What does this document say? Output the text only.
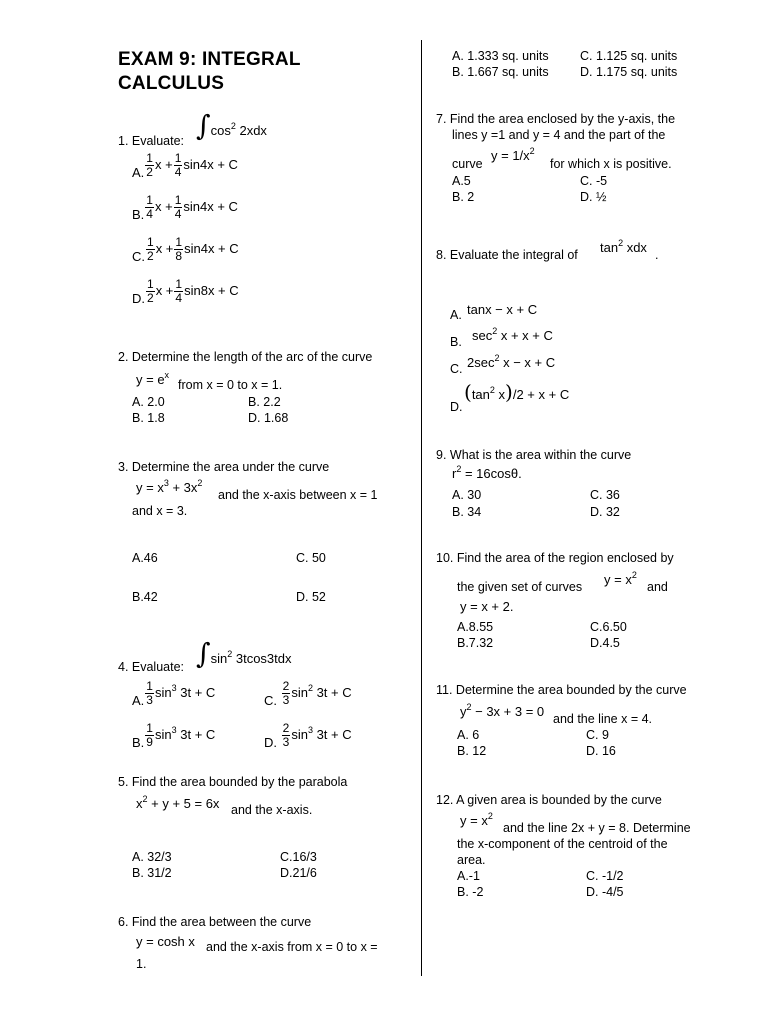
EXAM 9: INTEGRAL
CALCULUS
1. Evaluate: $\int\cos^2$ 2xdx
A. $\frac{1}{2}$ $x + \frac{1}{4} \sin 4x + C$
B. $\frac{1}{4}$ $x + \frac{1}{4} \sin 4x + C$
C. $\frac{1}{2}$ $x + \frac{1}{8} \sin 4x + C$
D. $\frac{1}{2}$ $x + \frac{1}{4} \sin 8x + C$
2. Determine the length of the arc of the curve
$y = e^x$
from x = 0 to x = 1.
A. 2.0	B. 2.2
B. 1.8	D. 1.68
3. Determine the area under the curve
$y = x^3 + 3x^2$
and the x-axis between x = 1
and x = 3.
A.46	C. 50
B.42	D. 52
4. Evaluate: $\int\sin^2$ 3tcos3tdx
A. $\frac{1}{3} \sin^3 3t + C$
C. $\frac{2}{3} \sin^2 3t + C$
B. $\frac{1}{9} \sin^3 3t + C$
D. $\frac{2}{3} \sin^3 3t + C$
5. Find the area bounded by the parabola
$x^2 + y + 5 = 6x$ and the x-axis.
A. 32/3	C.16/3
B. 31/2	D.21/6
6. Find the area between the curve
y = cosh x and the x-axis from x = 0 to x =
1.
A. 1.333 sq. units	C. 1.125 sq. units
B. 1.667 sq. units	D. 1.175 sq. units
7. Find the area enclosed by the y-axis, the
lines y =1 and y = 4 and the part of the
curve
$y = 1/x^2$
for which x is positive.
A.5	C. -5
B. 2	D. ½
8. Evaluate the integral of $\tan^2$ xdx .
A. tanx − x + C
B. $\sec^2 x + x + C$
C. $2\sec^2$ x − x + C
D.
($\tan^2$ x)/2 + x + C
9. What is the area within the curve
$r^2 = 16\cos\theta$.
A. 30	C. 36
B. 34	D. 32
10. Find the area of the region enclosed by
the given set of curves $y = x^2$
and
y = x + 2.
A.8.55	C.6.50
B.7.32	D.4.5
11. Determine the area bounded by the curve
$y^2 - 3x + 3 = 0$ and the line x = 4.
A. 6	C. 9
B. 12	D. 16
12. A given area is bounded by the curve
$y = x^2$
and the line 2x + y = 8. Determine
the x-component of the centroid of the
area.
A.-1	C. -1/2
B. -2	D. -4/5
